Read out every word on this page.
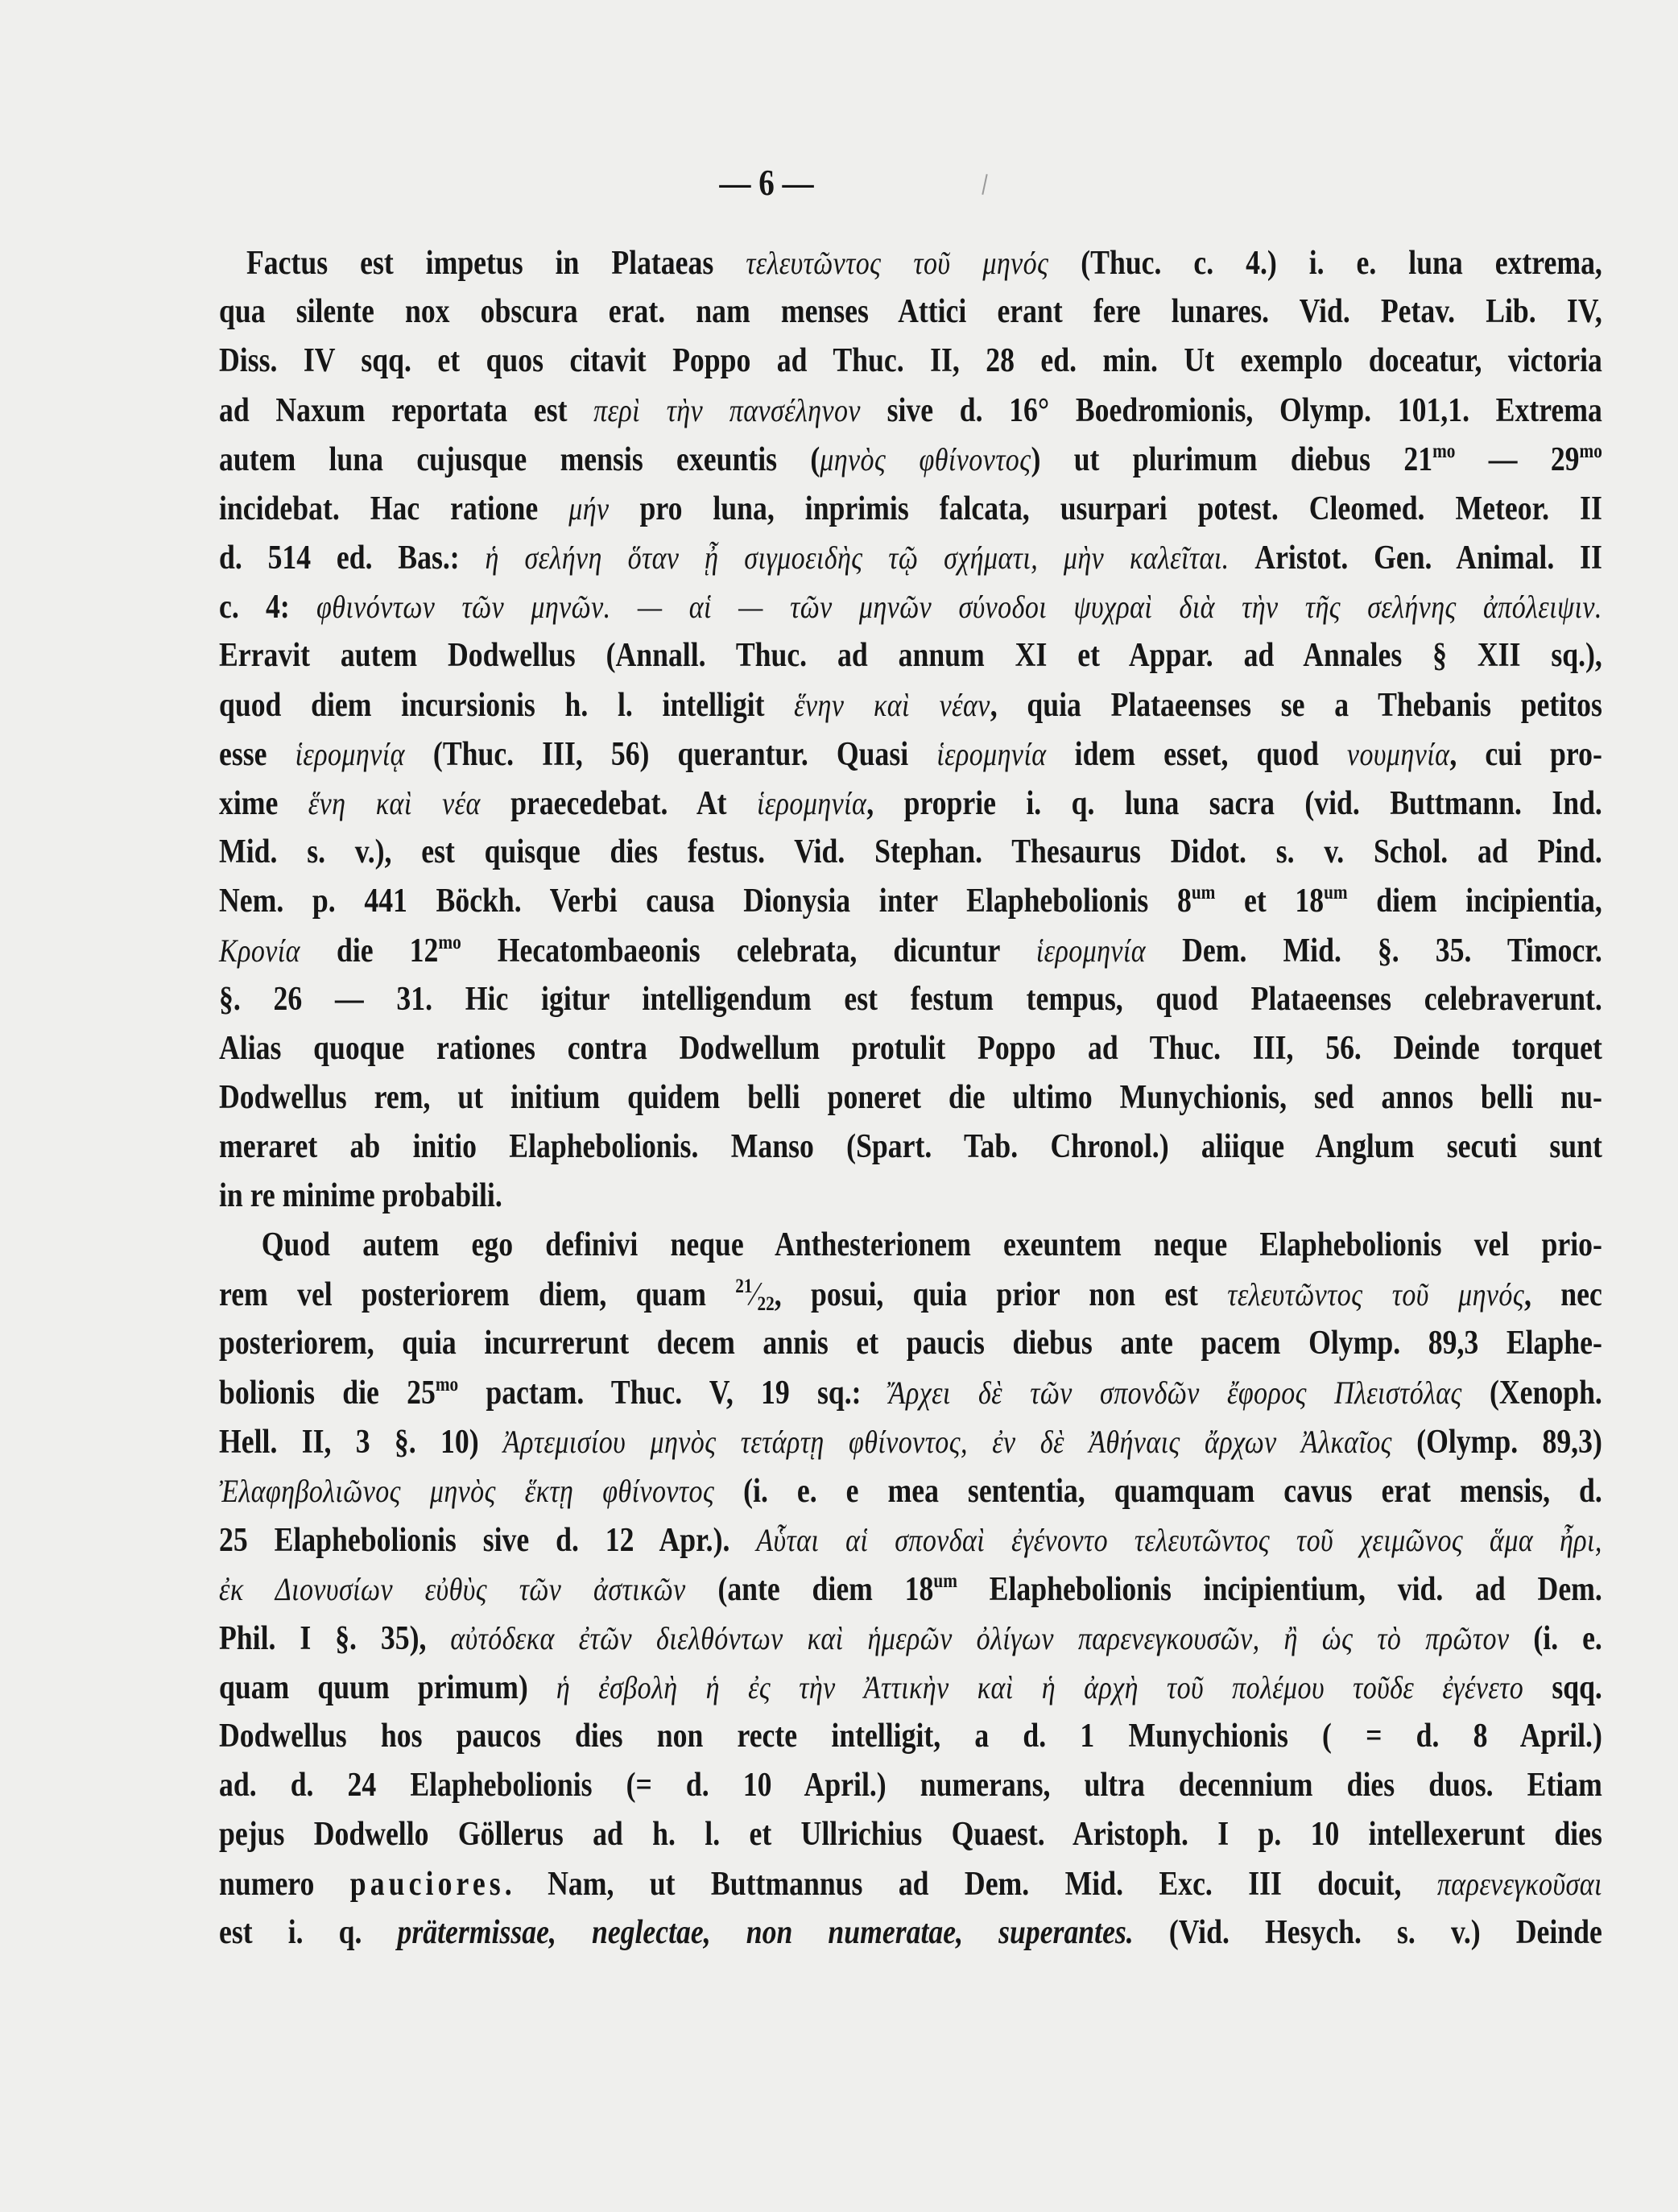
— 6 —
Factus est impetus in Plataeas τελευτῶντος τοῦ μηνός (Thuc. c. 4.) i. e. luna extrema,
qua silente nox obscura erat. nam menses Attici erant fere lunares. Vid. Petav. Lib. IV,
Diss. IV sqq. et quos citavit Poppo ad Thuc. II, 28 ed. min. Ut exemplo doceatur, victoria
ad Naxum reportata est περὶ τὴν πανσέληνον sive d. 16° Boedromionis, Olymp. 101,1. Extrema
autem luna cujusque mensis exeuntis (μηνὸς φθίνοντος) ut plurimum diebus $21^{mo}$ — $29^{mo}$
incidebat. Hac ratione μήν pro luna, inprimis falcata, usurpari potest. Cleomed. Meteor. II
d. 514 ed. Bas.: ἡ σελήνη ὅταν ᾖ σιγμοειδὴς τῷ σχήματι, μὴν καλεῖται. Aristot. Gen. Animal. II
c. 4: φθινόντων τῶν μηνῶν. — αἱ — τῶν μηνῶν σύνοδοι ψυχραὶ διὰ τὴν τῆς σελήνης ἀπόλειψιν.
Erravit autem Dodwellus (Annall. Thuc. ad annum XI et Appar. ad Annales § XII sq.),
quod diem incursionis h. l. intelligit ἕνην καὶ νέαν, quia Plataeenses se a Thebanis petitos
esse ἱερομηνίᾳ (Thuc. III, 56) querantur. Quasi ἱερομηνία idem esset, quod νουμηνία, cui pro-
xime ἕνη καὶ νέα praecedebat. At ἱερομηνία, proprie i. q. luna sacra (vid. Buttmann. Ind.
Mid. s. v.), est quisque dies festus. Vid. Stephan. Thesaurus Didot. s. v. Schol. ad Pind.
Nem. p. 441 Böckh. Verbi causa Dionysia inter Elaphebolionis $8^{um}$ et $18^{um}$ diem incipientia,
Κρονία die $12^{mo}$ Hecatombaeonis celebrata, dicuntur ἱερομηνία Dem. Mid. §. 35. Timocr.
§. 26 — 31. Hic igitur intelligendum est festum tempus, quod Plataeenses celebraverunt.
Alias quoque rationes contra Dodwellum protulit Poppo ad Thuc. III, 56. Deinde torquet
Dodwellus rem, ut initium quidem belli poneret die ultimo Munychionis, sed annos belli nu-
meraret ab initio Elaphebolionis. Manso (Spart. Tab. Chronol.) aliique Anglum secuti sunt
in re minime probabili.
Quod autem ego definivi neque Anthesterionem exeuntem neque Elaphebolionis vel prio-
rem vel posteriorem diem, quam $^{21}$⁄22, posui, quia prior non est τελευτῶντος τοῦ μηνός, nec
posteriorem, quia incurrerunt decem annis et paucis diebus ante pacem Olymp. 89,3 Elaphe-
bolionis die $25^{mo}$ pactam. Thuc. V, 19 sq.: Ἄρχει δὲ τῶν σπονδῶν ἔφορος Πλειστόλας (Xenoph.
Hell. II, 3 §. 10) Ἀρτεμισίου μηνὸς τετάρτῃ φθίνοντος, ἐν δὲ Ἀθήναις ἄρχων Ἀλκαῖος (Olymp. 89,3)
Ἐλαφηβολιῶνος μηνὸς ἕκτῃ φθίνοντος (i. e. e mea sententia, quamquam cavus erat mensis, d.
25 Elaphebolionis sive d. 12 Apr.). Αὗται αἱ σπονδαὶ ἐγένοντο τελευτῶντος τοῦ χειμῶνος ἅμα ἦρι,
ἐκ Διονυσίων εὐθὺς τῶν ἀστικῶν (ante diem $18^{um}$ Elaphebolionis incipientium, vid. ad Dem.
Phil. I §. 35), αὐτόδεκα ἐτῶν διελθόντων καὶ ἡμερῶν ὀλίγων παρενεγκουσῶν, ἢ ὡς τὸ πρῶτον (i. e.
quam quum primum) ἡ ἐσβολὴ ἡ ἐς τὴν Ἀττικὴν καὶ ἡ ἀρχὴ τοῦ πολέμου τοῦδε ἐγένετο sqq.
Dodwellus hos paucos dies non recte intelligit, a d. 1 Munychionis ( = d. 8 April.)
ad. d. 24 Elaphebolionis (= d. 10 April.) numerans, ultra decennium dies duos. Etiam
pejus Dodwello Göllerus ad h. l. et Ullrichius Quaest. Aristoph. I p. 10 intellexerunt dies
numero pauciores. Nam, ut Buttmannus ad Dem. Mid. Exc. III docuit, παρενεγκοῦσαι
est i. q. prätermissae, neglectae, non numeratae, superantes. (Vid. Hesych. s. v.) Deinde
